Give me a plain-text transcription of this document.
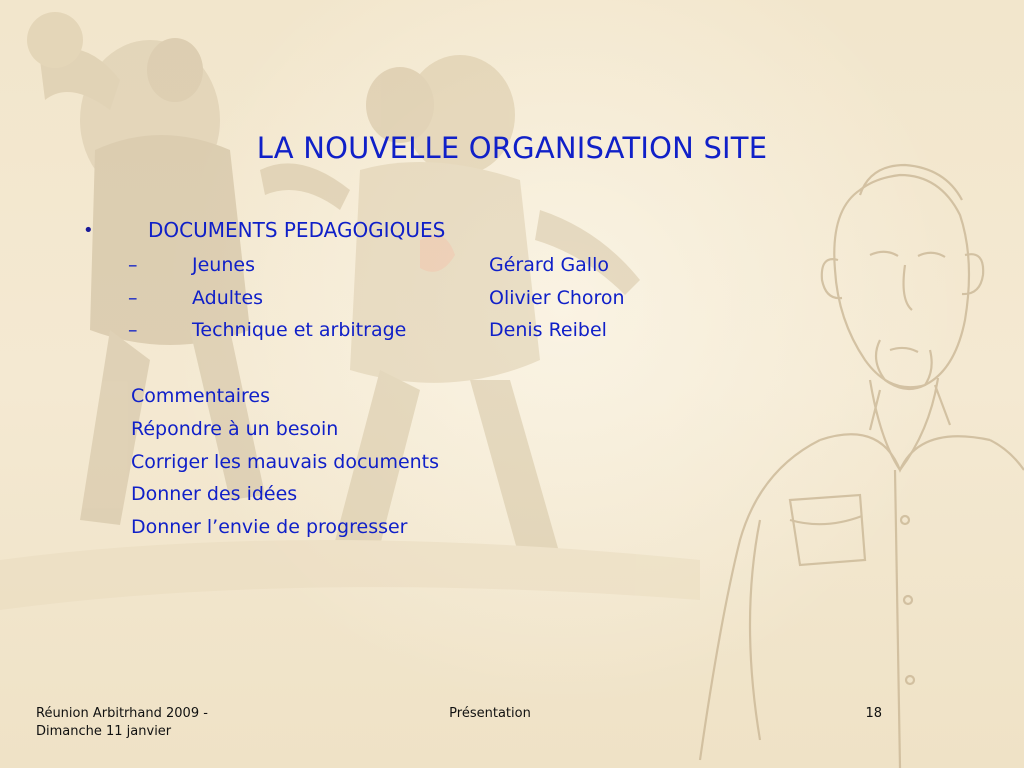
LA NOUVELLE ORGANISATION SITE
•	DOCUMENTS PEDAGOGIQUES
–	Jeunes	Gérard Gallo
–	Adultes	Olivier Choron
–	Technique et arbitrage	Denis Reibel
Commentaires
Répondre à un besoin
Corriger les mauvais documents
Donner des idées
Donner l’envie de progresser
Réunion Arbitrhand 2009 -
Dimanche 11 janvier
Présentation	18
